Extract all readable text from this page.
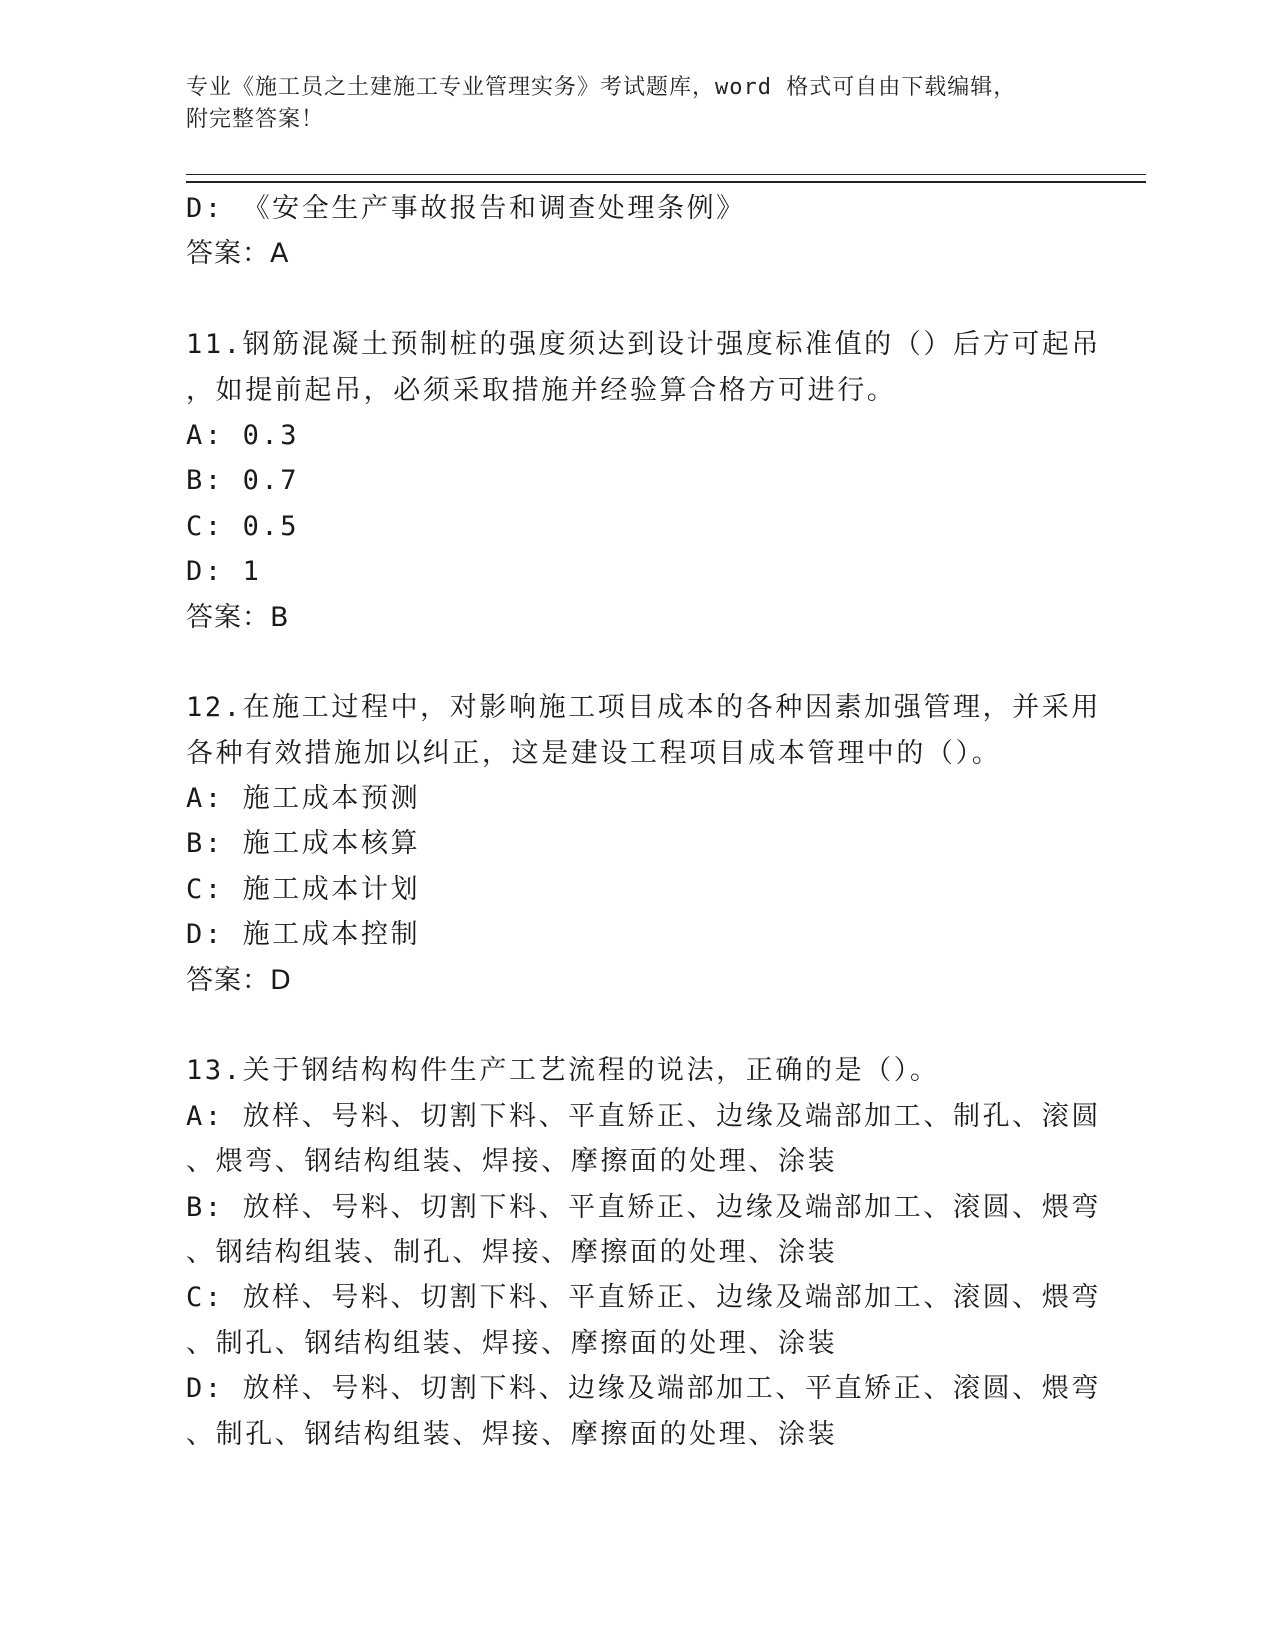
专业《施工员之土建施工专业管理实务》考试题库，word 格式可自由下载编辑，
附完整答案！
D: 《安全生产事故报告和调查处理条例》
答案：A
11.钢筋混凝土预制桩的强度须达到设计强度标准值的（）后方可起吊
，如提前起吊，必须采取措施并经验算合格方可进行。
A: 0.3
B: 0.7
C: 0.5
D: 1
答案：B
12.在施工过程中，对影响施工项目成本的各种因素加强管理，并采用
各种有效措施加以纠正，这是建设工程项目成本管理中的（）。
A: 施工成本预测
B: 施工成本核算
C: 施工成本计划
D: 施工成本控制
答案：D
13.关于钢结构构件生产工艺流程的说法，正确的是（）。
A: 放样、号料、切割下料、平直矫正、边缘及端部加工、制孔、滚圆
、煨弯、钢结构组装、焊接、摩擦面的处理、涂装
B: 放样、号料、切割下料、平直矫正、边缘及端部加工、滚圆、煨弯
、钢结构组装、制孔、焊接、摩擦面的处理、涂装
C: 放样、号料、切割下料、平直矫正、边缘及端部加工、滚圆、煨弯
、制孔、钢结构组装、焊接、摩擦面的处理、涂装
D: 放样、号料、切割下料、边缘及端部加工、平直矫正、滚圆、煨弯
、制孔、钢结构组装、焊接、摩擦面的处理、涂装
